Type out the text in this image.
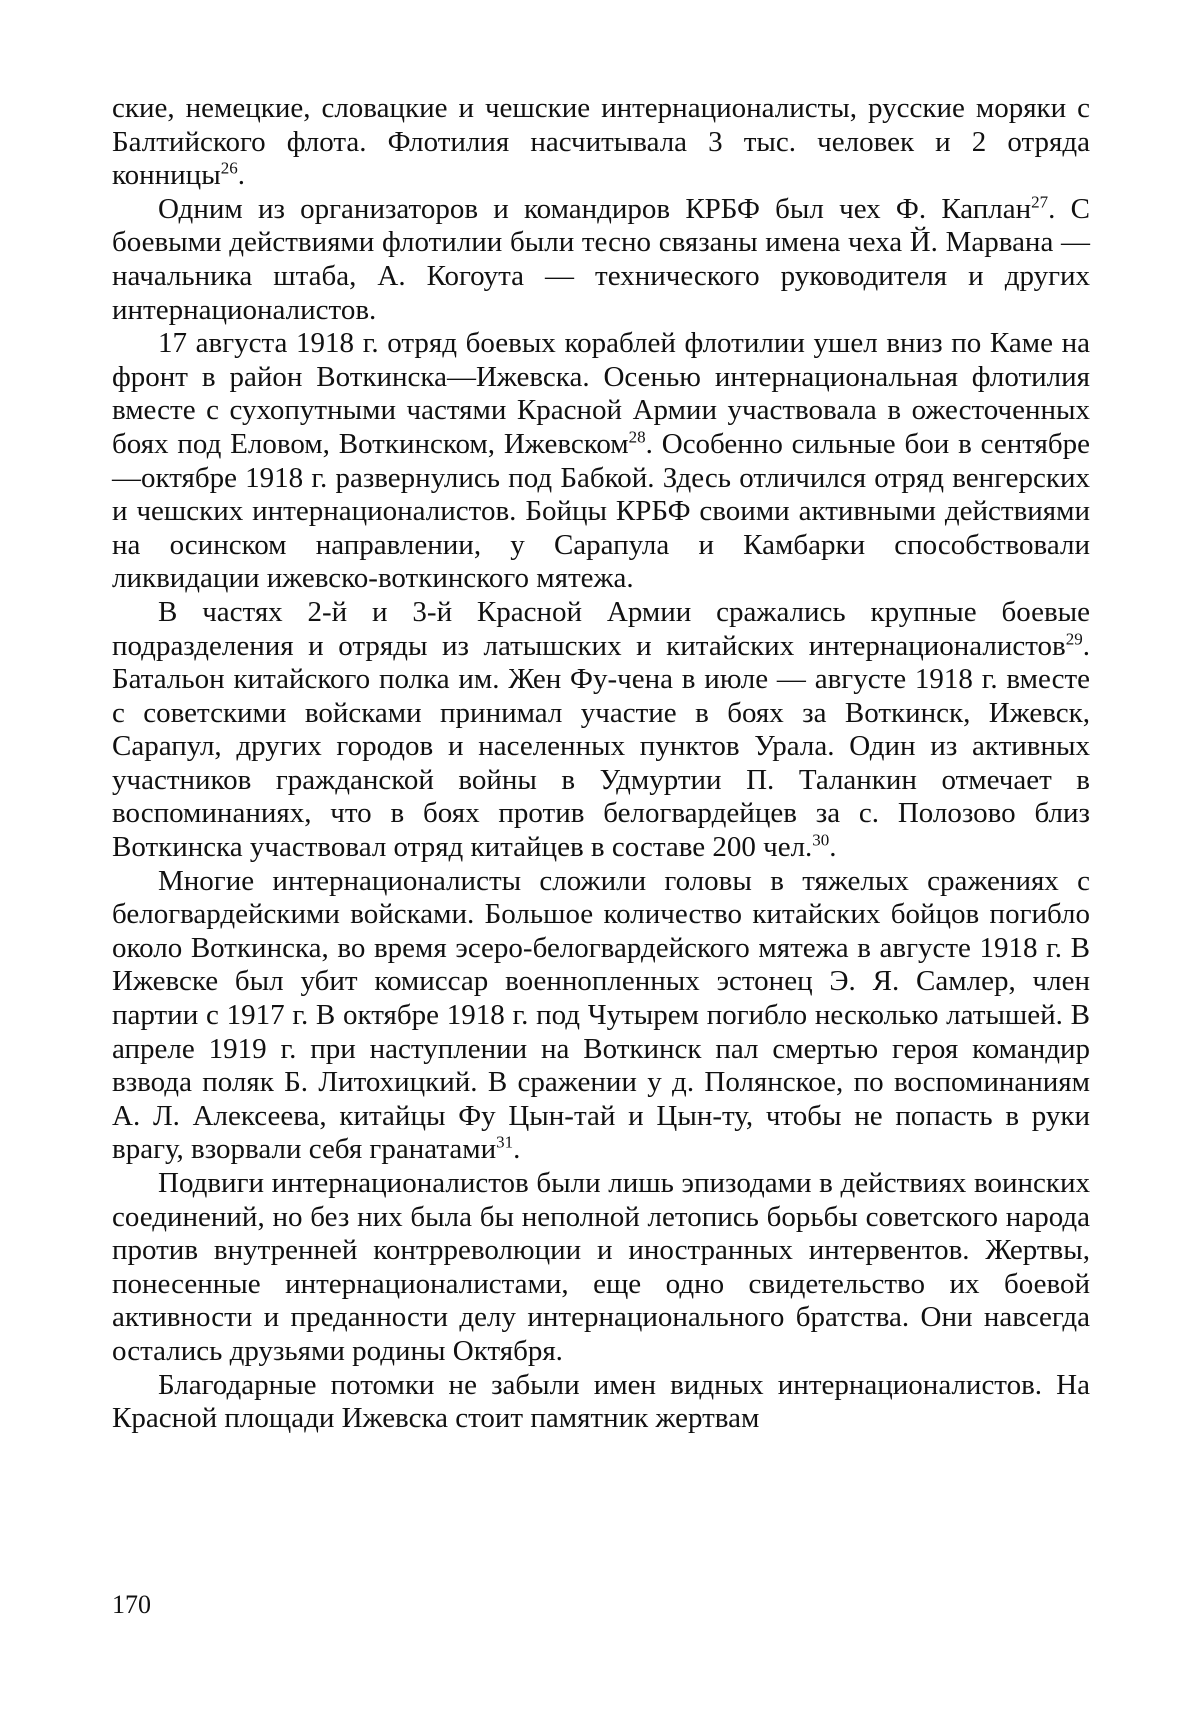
ские, немецкие, словацкие и чешские интернационалисты, русские моряки с Балтийского флота. Флотилия насчитывала 3 тыс. человек и 2 отряда конницы$^{26}$.

Одним из организаторов и командиров КРБФ был чех Ф. Каплан$^{27}$. С боевыми действиями флотилии были тесно связаны имена чеха Й. Марвана — начальника штаба, А. Когоута — технического руководителя и других интернационалистов.

17 августа 1918 г. отряд боевых кораблей флотилии ушел вниз по Каме на фронт в район Воткинска—Ижевска. Осенью интернациональная флотилия вместе с сухопутными частями Красной Армии участвовала в ожесточенных боях под Еловом, Воткинском, Ижевском$^{28}$. Особенно сильные бои в сентябре—октябре 1918 г. развернулись под Бабкой. Здесь отличился отряд венгерских и чешских интернационалистов. Бойцы КРБФ своими активными действиями на осинском направлении, у Сарапула и Камбарки способствовали ликвидации ижевско-воткинского мятежа.

В частях 2-й и 3-й Красной Армии сражались крупные боевые подразделения и отряды из латышских и китайских интернационалистов$^{29}$. Батальон китайского полка им. Жен Фу-чена в июле — августе 1918 г. вместе с советскими войсками принимал участие в боях за Воткинск, Ижевск, Сарапул, других городов и населенных пунктов Урала. Один из активных участников гражданской войны в Удмуртии П. Таланкин отмечает в воспоминаниях, что в боях против белогвардейцев за с. Полозово близ Воткинска участвовал отряд китайцев в составе 200 чел.$^{30}$.

Многие интернационалисты сложили головы в тяжелых сражениях с белогвардейскими войсками. Большое количество китайских бойцов погибло около Воткинска, во время эсеро-белогвардейского мятежа в августе 1918 г. В Ижевске был убит комиссар военнопленных эстонец Э. Я. Самлер, член партии с 1917 г. В октябре 1918 г. под Чутырем погибло несколько латышей. В апреле 1919 г. при наступлении на Воткинск пал смертью героя командир взвода поляк Б. Литохицкий. В сражении у д. Полянское, по воспоминаниям А. Л. Алексеева, китайцы Фу Цын-тай и Цын-ту, чтобы не попасть в руки врагу, взорвали себя гранатами$^{31}$.

Подвиги интернационалистов были лишь эпизодами в действиях воинских соединений, но без них была бы неполной летопись борьбы советского народа против внутренней контрреволюции и иностранных интервентов. Жертвы, понесенные интернационалистами, еще одно свидетельство их боевой активности и преданности делу интернационального братства. Они навсегда остались друзьями родины Октября.

Благодарные потомки не забыли имен видных интернационалистов. На Красной площади Ижевска стоит памятник жертвам

170
